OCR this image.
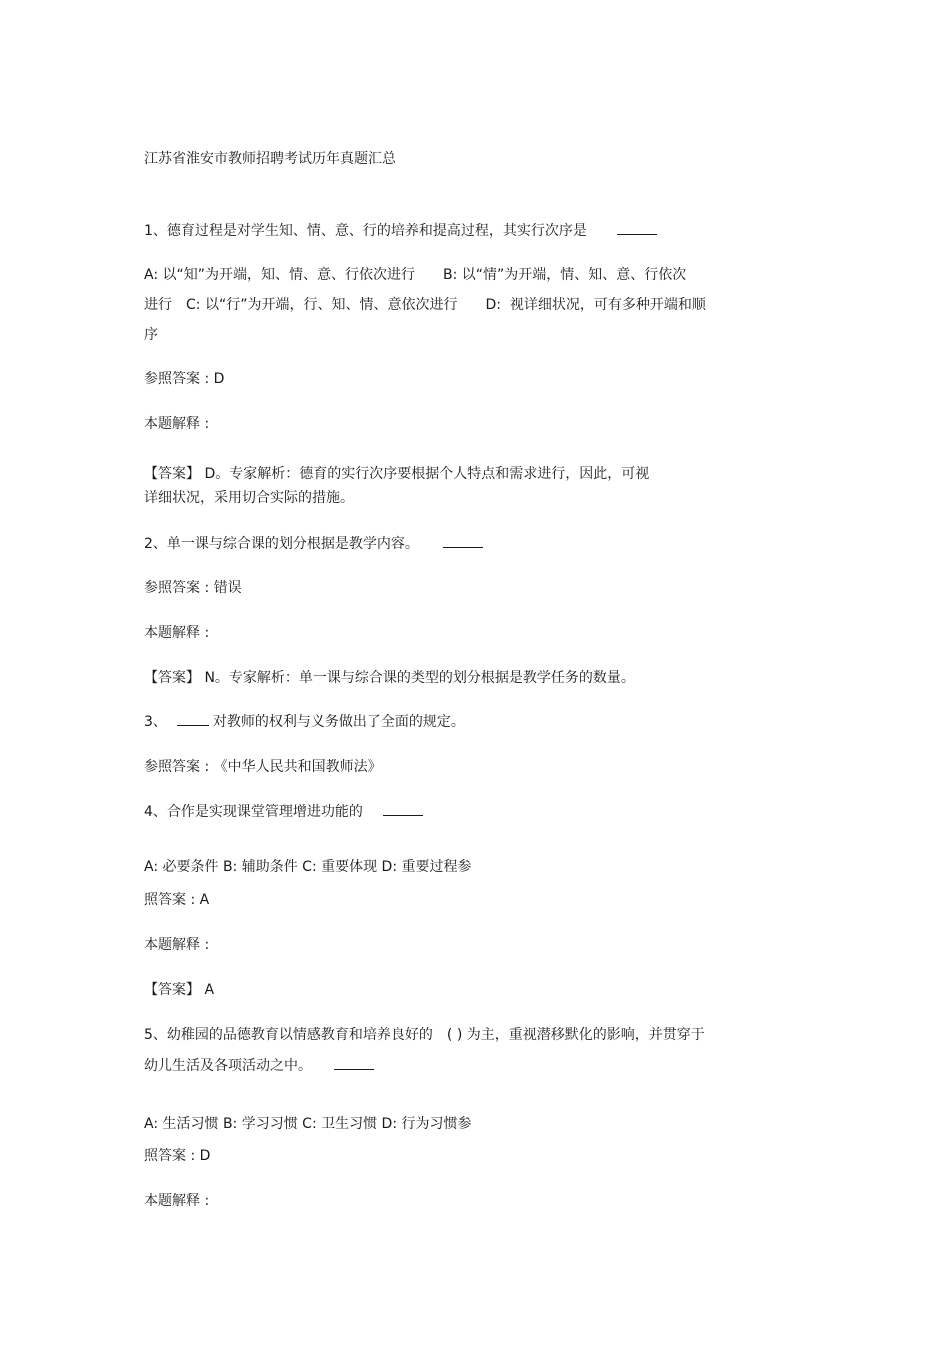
江苏省淮安市教师招聘考试历年真题汇总
1、德育过程是对学生知、情、意、行的培养和提高过程，其实行次序是
A: 以“知”为开端，知、情、意、行依次进行　　B: 以“情”为开端，情、知、意、行依次
进行　C: 以“行”为开端，行、知、情、意依次进行　　D:  视详细状况，可有多种开端和顺
序
参照答案 : D
本题解释 :
【答案】 D。专家解析：德育的实行次序要根据个人特点和需求进行，因此，可视
详细状况，采用切合实际的措施。
2、单一课与综合课的划分根据是教学内容。
参照答案 : 错误
本题解释 :
【答案】 N。专家解析：单一课与综合课的类型的划分根据是教学任务的数量。
3、	对教师的权利与义务做出了全面的规定。
参照答案 : 《中华人民共和国教师法》
4、合作是实现课堂管理增进功能的
A: 必要条件 B: 辅助条件 C: 重要体现 D: 重要过程参
照答案 : A
本题解释 :
【答案】 A
5、幼稚园的品德教育以情感教育和培养良好的　( ) 为主，重视潜移默化的影响，并贯穿于
幼儿生活及各项活动之中。
A: 生活习惯 B: 学习习惯 C: 卫生习惯 D: 行为习惯参
照答案 : D
本题解释 :
